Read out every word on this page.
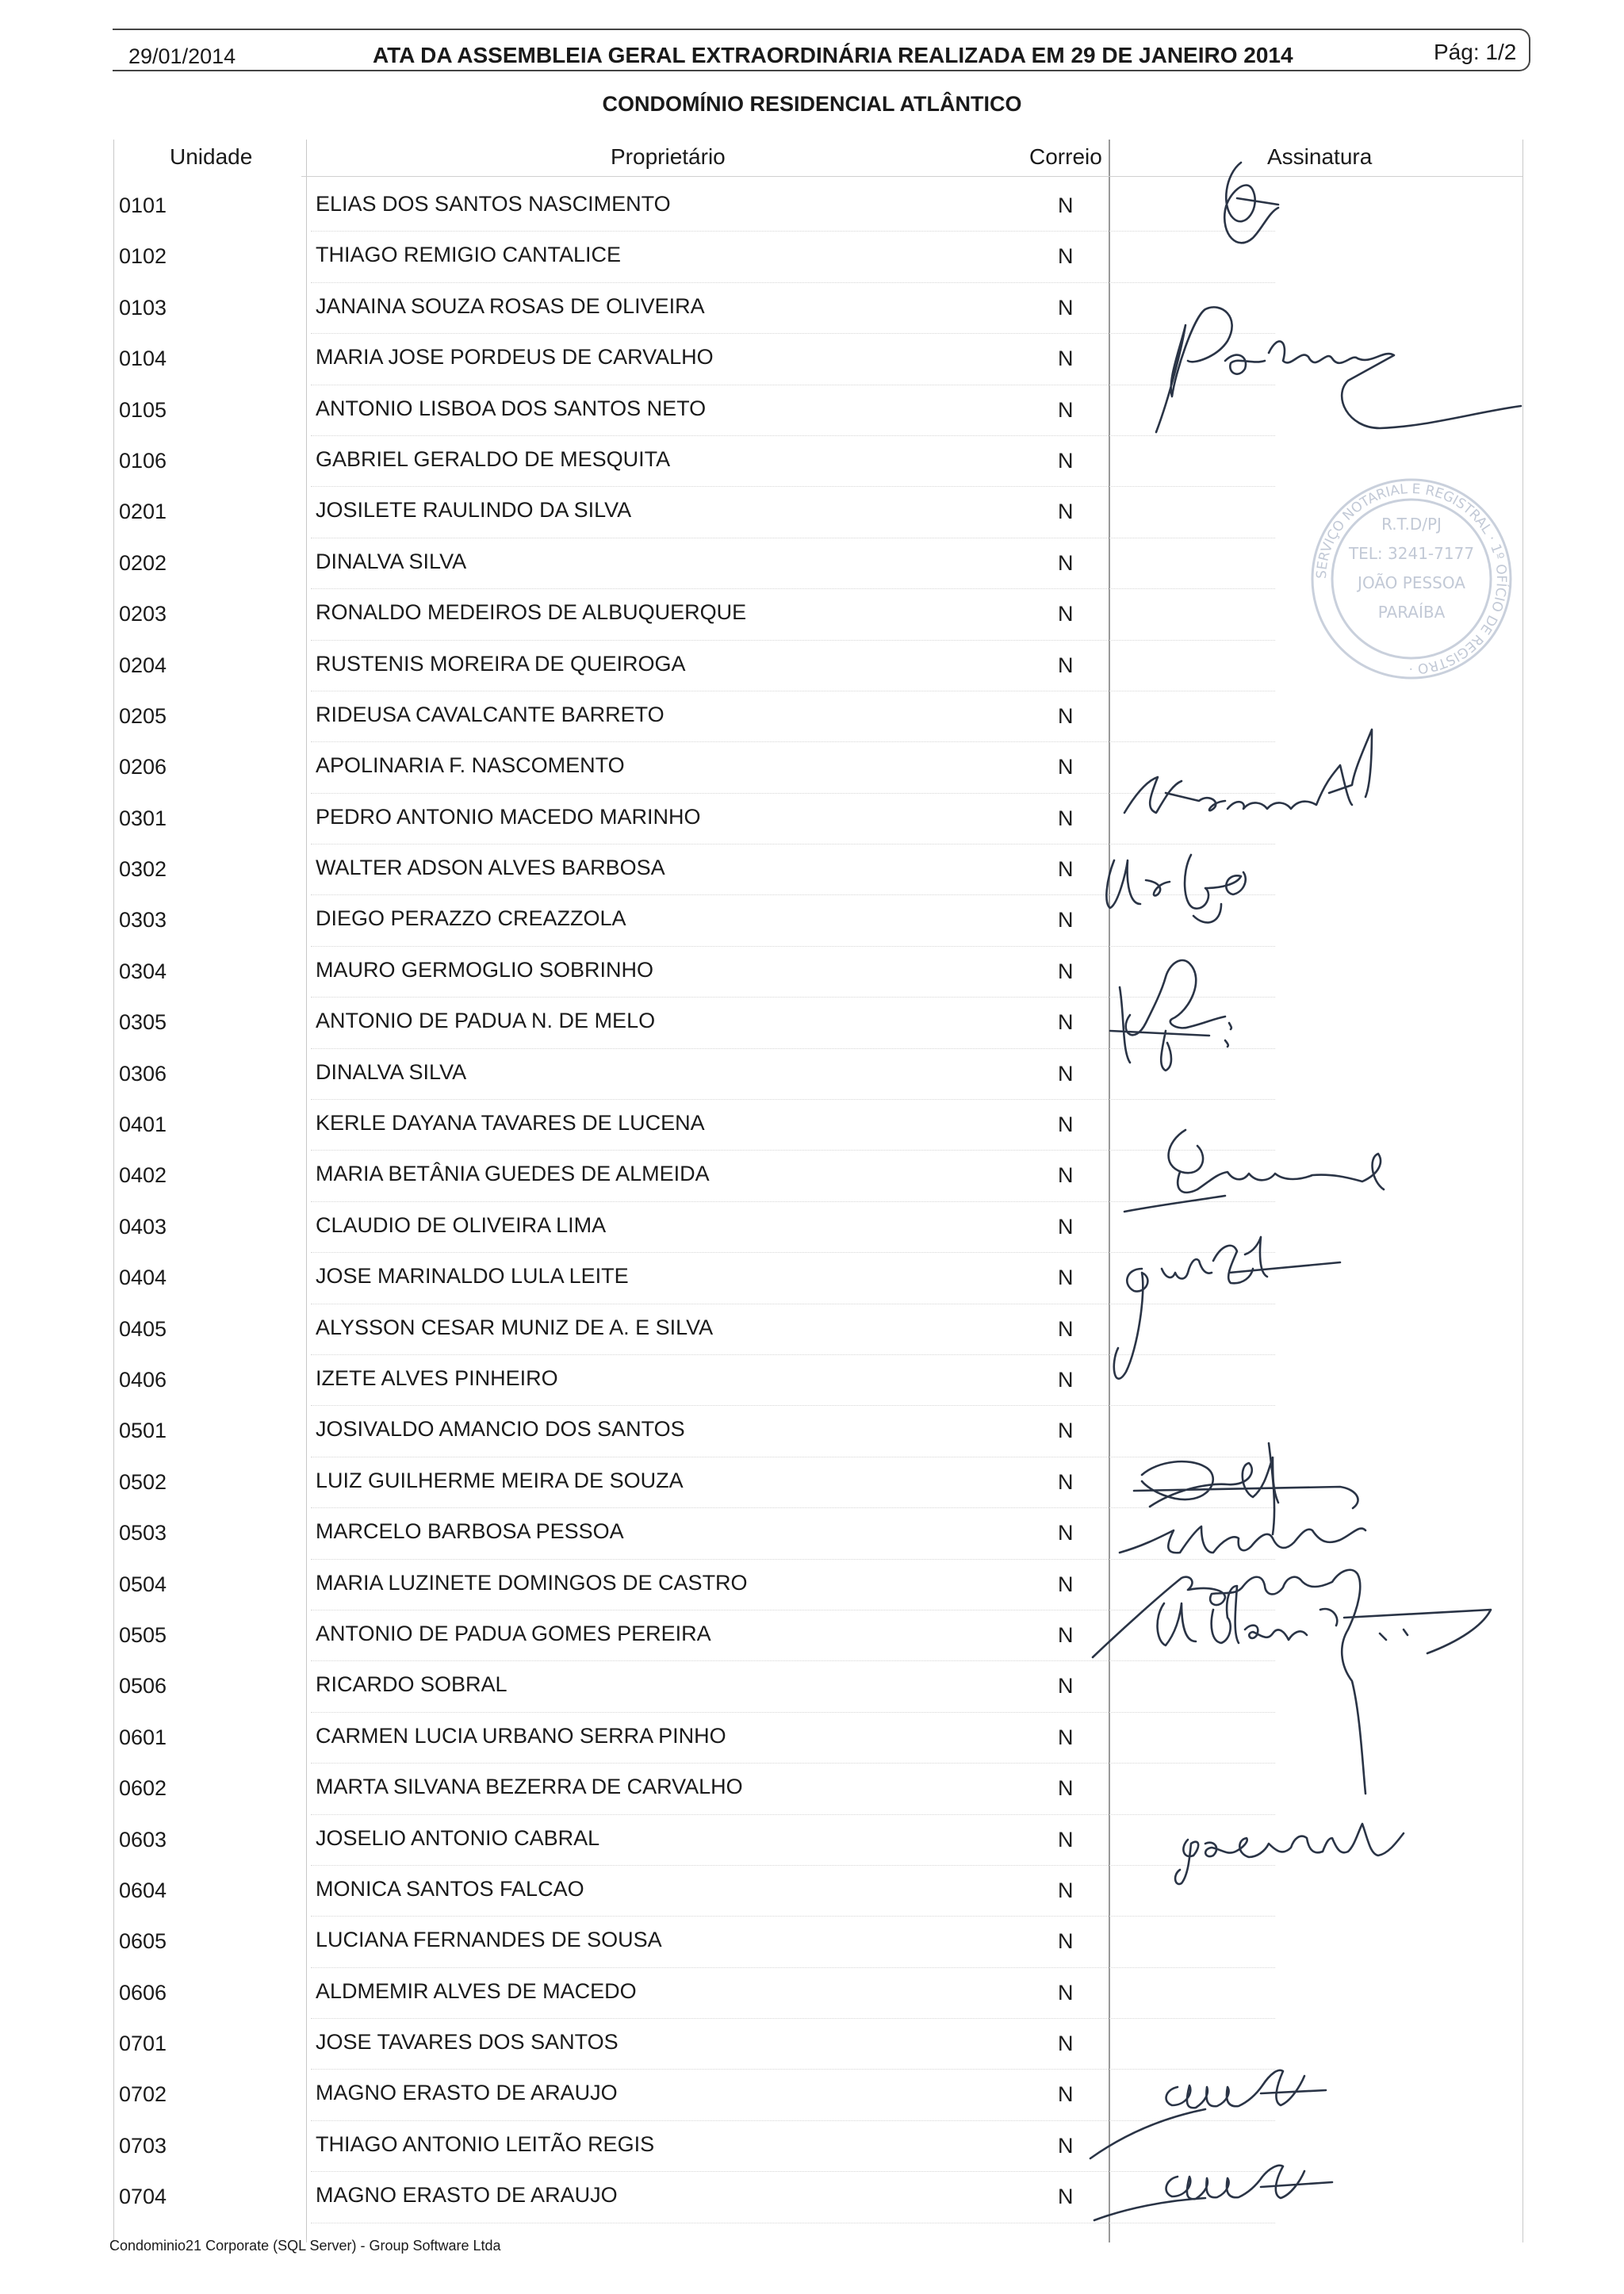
29/01/2014	ATA DA ASSEMBLEIA GERAL EXTRAORDINÁRIA REALIZADA EM 29 DE JANEIRO 2014	Pág: 1/2
CONDOMÍNIO RESIDENCIAL ATLÂNTICO
Unidade	Proprietário	Correio	Assinatura
0101	ELIAS DOS SANTOS NASCIMENTO	N
0102	THIAGO REMIGIO CANTALICE	N
0103	JANAINA SOUZA ROSAS DE OLIVEIRA	N
0104	MARIA JOSE PORDEUS DE CARVALHO	N
0105	ANTONIO LISBOA DOS SANTOS NETO	N
0106	GABRIEL GERALDO DE MESQUITA	N
0201	JOSILETE RAULINDO DA SILVA	N
0202	DINALVA SILVA	N
0203	RONALDO MEDEIROS DE ALBUQUERQUE	N
0204	RUSTENIS MOREIRA DE QUEIROGA	N
0205	RIDEUSA CAVALCANTE BARRETO	N
0206	APOLINARIA F. NASCOMENTO	N
0301	PEDRO ANTONIO MACEDO MARINHO	N
0302	WALTER ADSON ALVES BARBOSA	N
0303	DIEGO PERAZZO CREAZZOLA	N
0304	MAURO GERMOGLIO SOBRINHO	N
0305	ANTONIO DE PADUA N. DE MELO	N
0306	DINALVA SILVA	N
0401	KERLE DAYANA TAVARES DE LUCENA	N
0402	MARIA BETÂNIA GUEDES DE ALMEIDA	N
0403	CLAUDIO DE OLIVEIRA LIMA	N
0404	JOSE MARINALDO LULA LEITE	N
0405	ALYSSON CESAR MUNIZ DE A. E SILVA	N
0406	IZETE ALVES PINHEIRO	N
0501	JOSIVALDO AMANCIO DOS SANTOS	N
0502	LUIZ GUILHERME MEIRA DE SOUZA	N
0503	MARCELO BARBOSA PESSOA	N
0504	MARIA LUZINETE DOMINGOS DE CASTRO	N
0505	ANTONIO DE PADUA GOMES PEREIRA	N
0506	RICARDO SOBRAL	N
0601	CARMEN LUCIA URBANO SERRA PINHO	N
0602	MARTA SILVANA BEZERRA DE CARVALHO	N
0603	JOSELIO ANTONIO CABRAL	N
0604	MONICA SANTOS FALCAO	N
0605	LUCIANA FERNANDES DE SOUSA	N
0606	ALDMEMIR ALVES DE MACEDO	N
0701	JOSE TAVARES DOS SANTOS	N
0702	MAGNO ERASTO DE ARAUJO	N
0703	THIAGO ANTONIO LEITÃO REGIS	N
0704	MAGNO ERASTO DE ARAUJO	N
SERVIÇO NOTARIAL E REGISTRAL · 1º OFÍCIO DE REGISTRO ·
R.T.D/PJ
TEL: 3241-7177
JOÃO PESSOA
PARAÍBA
Condominio21 Corporate (SQL Server) - Group Software Ltda
